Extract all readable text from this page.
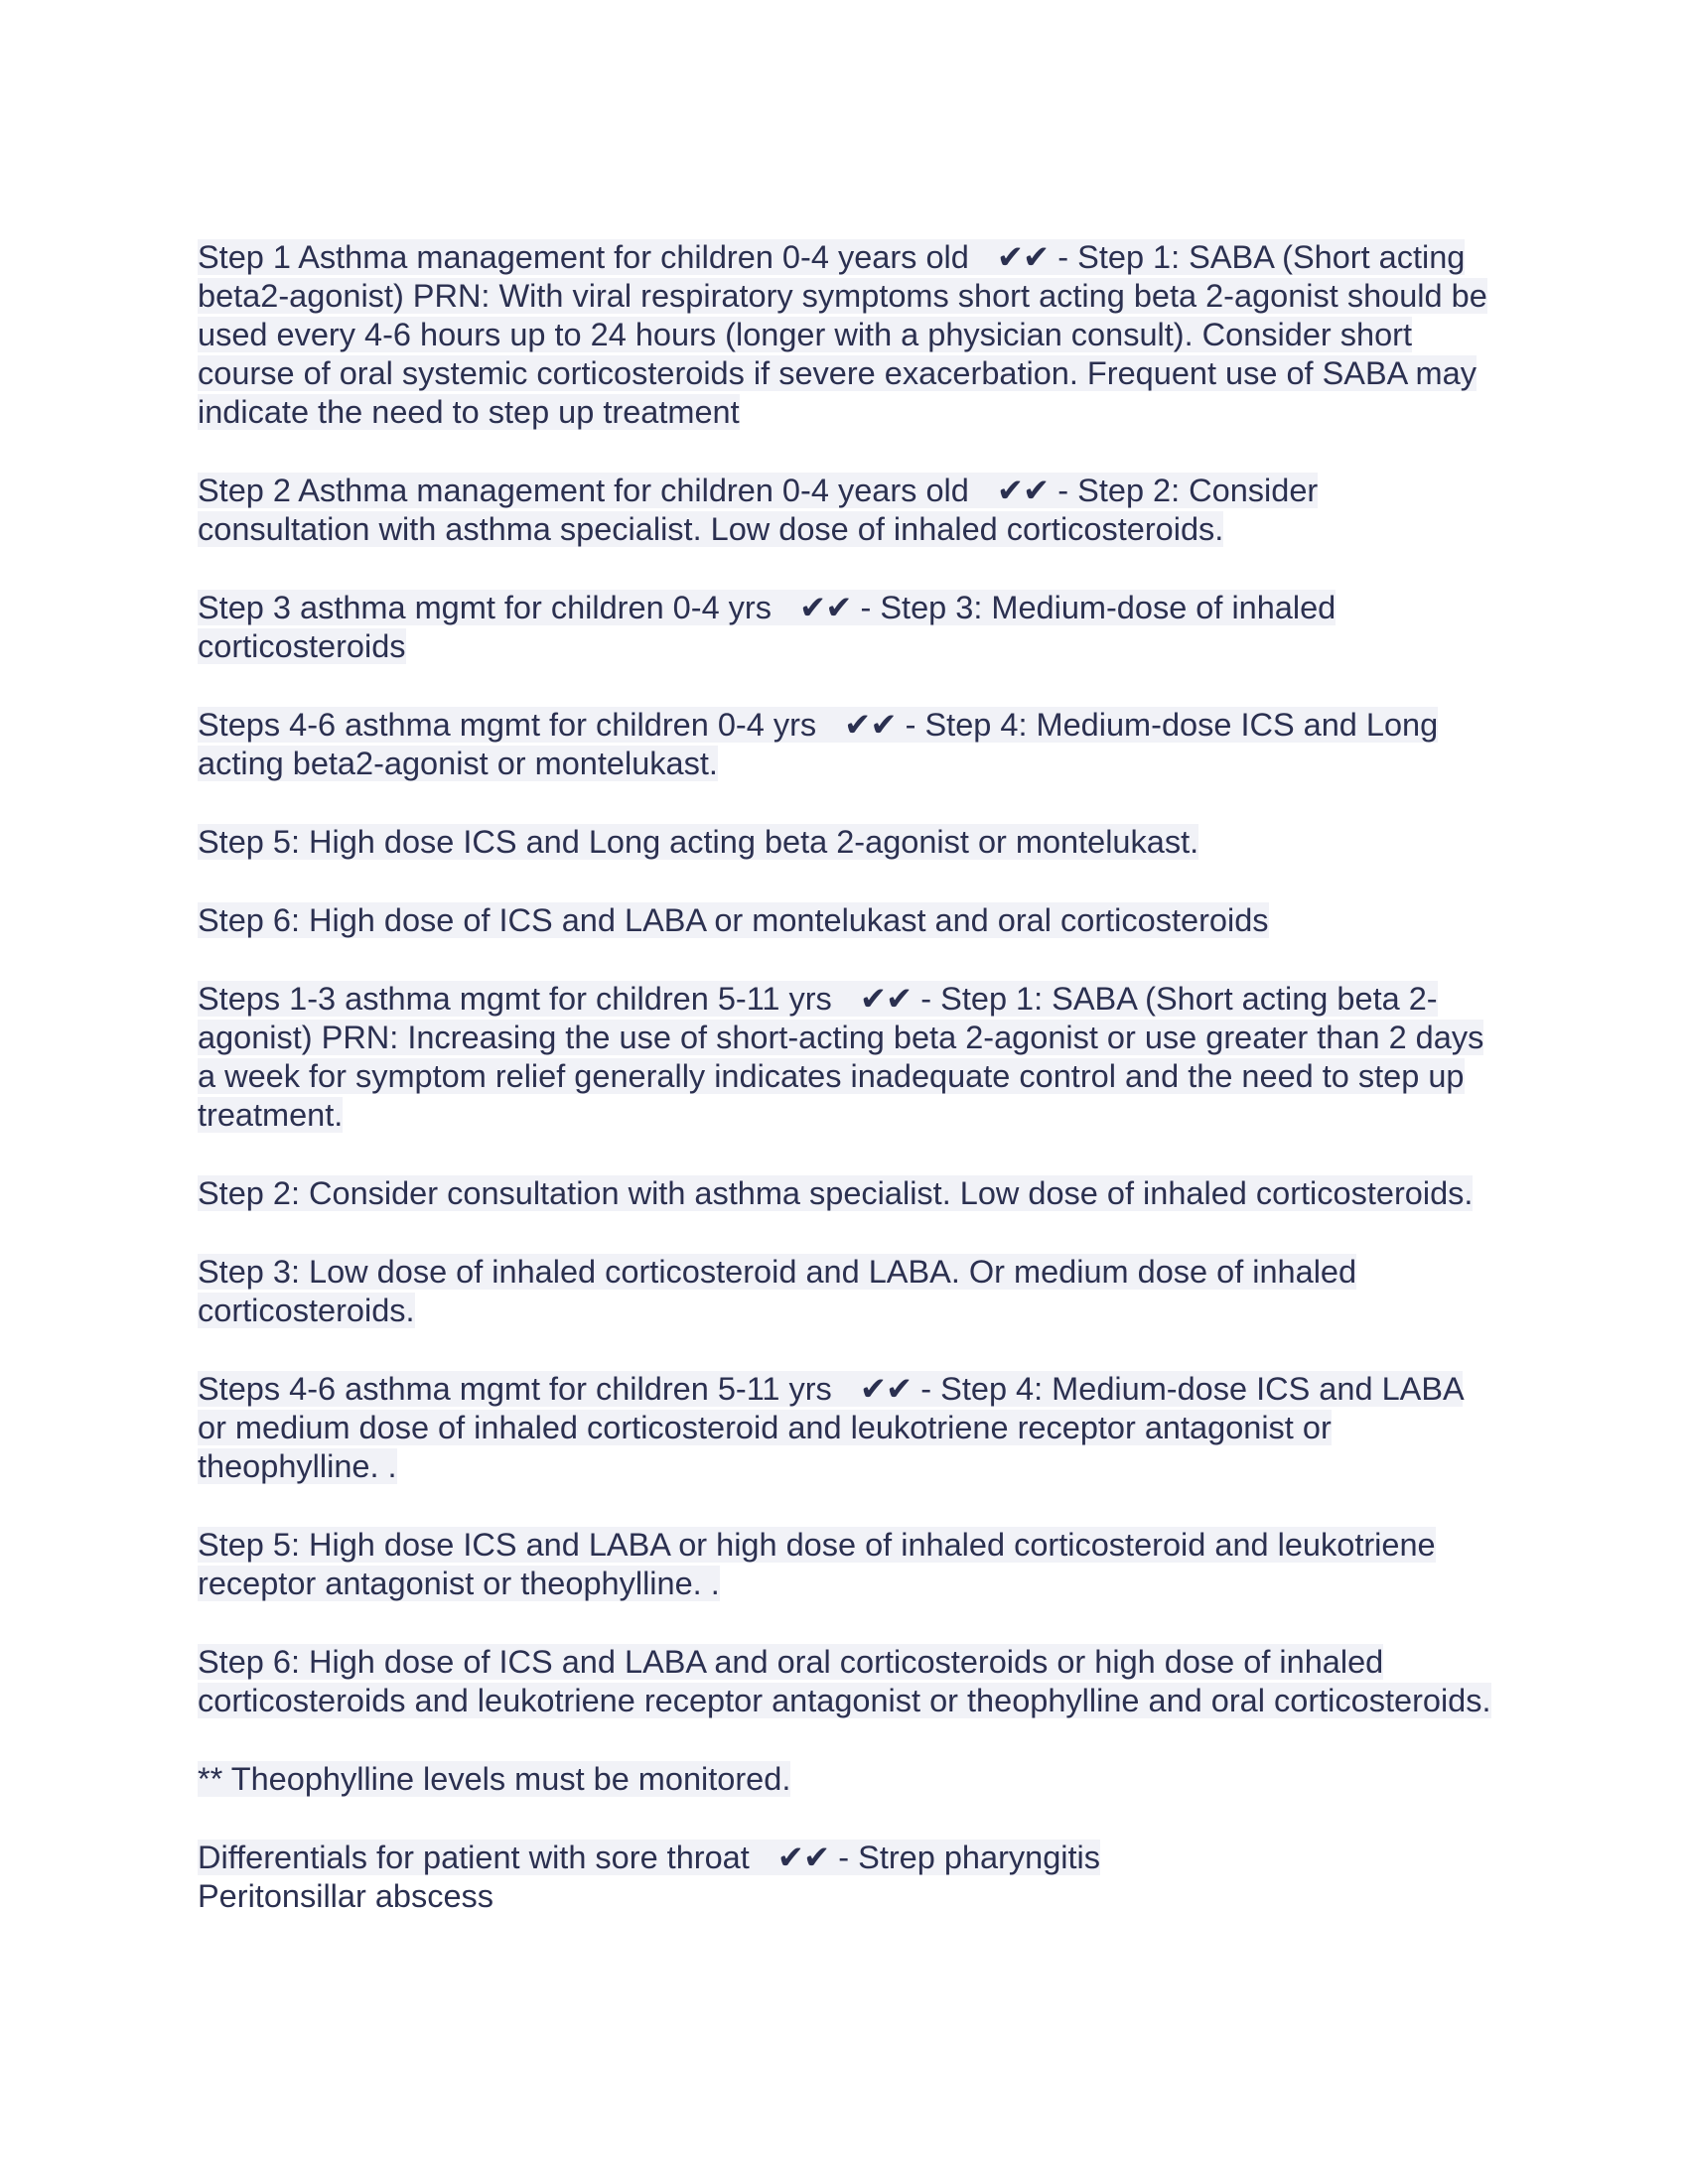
Step 1 Asthma management for children 0-4 years old ✔✔ - Step 1: SABA (Short acting beta2-agonist) PRN: With viral respiratory symptoms short acting beta 2-agonist should be used every 4-6 hours up to 24 hours (longer with a physician consult). Consider short course of oral systemic corticosteroids if severe exacerbation. Frequent use of SABA may indicate the need to step up treatment

Step 2 Asthma management for children 0-4 years old ✔✔ - Step 2: Consider consultation with asthma specialist. Low dose of inhaled corticosteroids.

Step 3 asthma mgmt for children 0-4 yrs ✔✔ - Step 3: Medium-dose of inhaled corticosteroids

Steps 4-6 asthma mgmt for children 0-4 yrs ✔✔ - Step 4: Medium-dose ICS and Long acting beta2-agonist or montelukast.

Step 5: High dose ICS and Long acting beta 2-agonist or montelukast.

Step 6: High dose of ICS and LABA or montelukast and oral corticosteroids

Steps 1-3 asthma mgmt for children 5-11 yrs ✔✔ - Step 1: SABA (Short acting beta 2-agonist) PRN: Increasing the use of short-acting beta 2-agonist or use greater than 2 days a week for symptom relief generally indicates inadequate control and the need to step up treatment.

Step 2: Consider consultation with asthma specialist. Low dose of inhaled corticosteroids.

Step 3: Low dose of inhaled corticosteroid and LABA. Or medium dose of inhaled corticosteroids.

Steps 4-6 asthma mgmt for children 5-11 yrs ✔✔ - Step 4: Medium-dose ICS and LABA or medium dose of inhaled corticosteroid and leukotriene receptor antagonist or theophylline. .

Step 5: High dose ICS and LABA or high dose of inhaled corticosteroid and leukotriene receptor antagonist or theophylline. .

Step 6: High dose of ICS and LABA and oral corticosteroids or high dose of inhaled corticosteroids and leukotriene receptor antagonist or theophylline and oral corticosteroids.

** Theophylline levels must be monitored.

Differentials for patient with sore throat ✔✔ - Strep pharyngitis
Peritonsillar abscess
